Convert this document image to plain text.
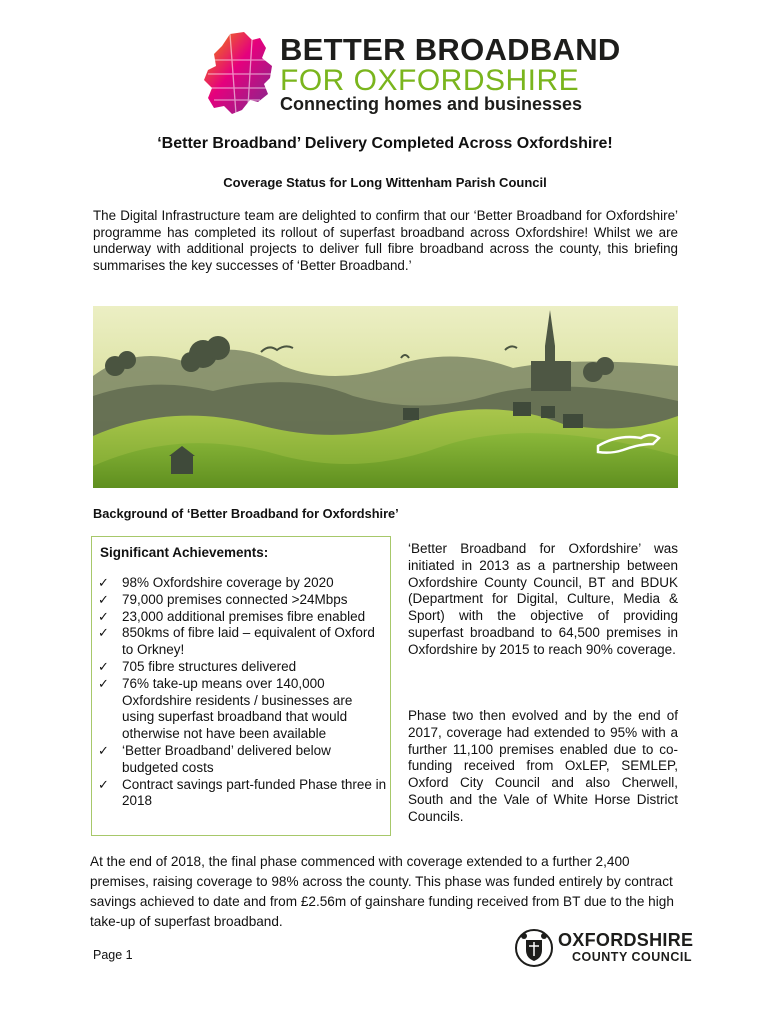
BETTER BROADBAND
FOR OXFORDSHIRE
Connecting homes and businesses
‘Better Broadband’ Delivery Completed Across Oxfordshire!
Coverage Status for Long Wittenham Parish Council
The Digital Infrastructure team are delighted to confirm that our ‘Better Broadband for Oxfordshire’ programme has completed its rollout of superfast broadband across Oxfordshire! Whilst we are underway with additional projects to deliver full fibre broadband across the county, this briefing summarises the key successes of ‘Better Broadband.’
Background of ‘Better Broadband for Oxfordshire’
Significant Achievements:
✓ 98% Oxfordshire coverage by 2020
✓ 79,000 premises connected >24Mbps
✓ 23,000 additional premises fibre enabled
✓ 850kms of fibre laid – equivalent of Oxford to Orkney!
✓ 705 fibre structures delivered
✓ 76% take-up means over 140,000 Oxfordshire residents / businesses are using superfast broadband that would otherwise not have been available
✓ ‘Better Broadband’ delivered below budgeted costs
✓ Contract savings part-funded Phase three in 2018
‘Better Broadband for Oxfordshire’ was initiated in 2013 as a partnership between Oxfordshire County Council, BT and BDUK (Department for Digital, Culture, Media & Sport) with the objective of providing superfast broadband to 64,500 premises in Oxfordshire by 2015 to reach 90% coverage.
Phase two then evolved and by the end of 2017, coverage had extended to 95% with a further 11,100 premises enabled due to co-funding received from OxLEP, SEMLEP, Oxford City Council and also Cherwell, South and the Vale of White Horse District Councils.
At the end of 2018, the final phase commenced with coverage extended to a further 2,400 premises, raising coverage to 98% across the county. This phase was funded entirely by contract savings achieved to date and from £2.56m of gainshare funding received from BT due to the high take-up of superfast broadband.
OXFORDSHIRE
COUNTY COUNCIL
Page 1
